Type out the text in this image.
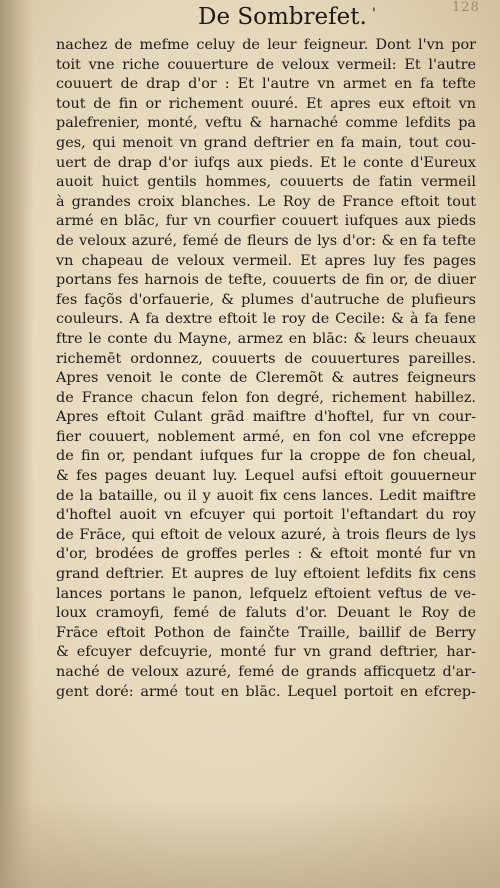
128
De Sombrefet. '
nachez de mefme celuy de leur feigneur. Dont l'vn por
toit vne riche couuerture de veloux vermeil: Et l'autre
couuert de drap d'or : Et l'autre vn armet en fa tefte
tout de fin or richement ouuré. Et apres eux eftoit vn
palefrenier, monté, veftu & harnaché comme lefdits pa
ges, qui menoit vn grand deftrier en fa main, tout cou-
uert de drap d'or iufqs aux pieds. Et le conte d'Eureux
auoit huict gentils hommes, couuerts de fatin vermeil
à grandes croix blanches. Le Roy de France eftoit tout
armé en blāc, fur vn courfier couuert iufques aux pieds
de veloux azuré, femé de fleurs de lys d'or: & en fa tefte
vn chapeau de veloux vermeil. Et apres luy fes pages
portans fes harnois de tefte, couuerts de fin or, de diuer
fes façõs d'orfauerie, & plumes d'autruche de plufieurs
couleurs. A fa dextre eftoit le roy de Cecile: & à fa fene
ftre le conte du Mayne, armez en blāc: & leurs cheuaux
richemēt ordonnez, couuerts de couuertures pareilles.
Apres venoit le conte de Cleremõt & autres feigneurs
de France chacun felon fon degré, richement habillez.
Apres eftoit Culant grād maiftre d'hoftel, fur vn cour-
fier couuert, noblement armé, en fon col vne efcreppe
de fin or, pendant iufques fur la croppe de fon cheual,
& fes pages deuant luy. Lequel aufsi eftoit gouuerneur
de la bataille, ou il y auoit fix cens lances. Ledit maiftre
d'hoftel auoit vn efcuyer qui portoit l'eftandart du roy
de Frāce, qui eftoit de veloux azuré, à trois fleurs de lys
d'or, brodées de groffes perles : & eftoit monté fur vn
grand deftrier. Et aupres de luy eftoient lefdits fix cens
lances portans le panon, lefquelz eftoient veftus de ve-
loux cramoyfi, femé de faluts d'or. Deuant le Roy de
Frāce eftoit Pothon de fainčte Traille, baillif de Berry
& efcuyer defcuyrie, monté fur vn grand deftrier, har-
naché de veloux azuré, femé de grands afficquetz d'ar-
gent doré: armé tout en blāc. Lequel portoit en efcrep-
